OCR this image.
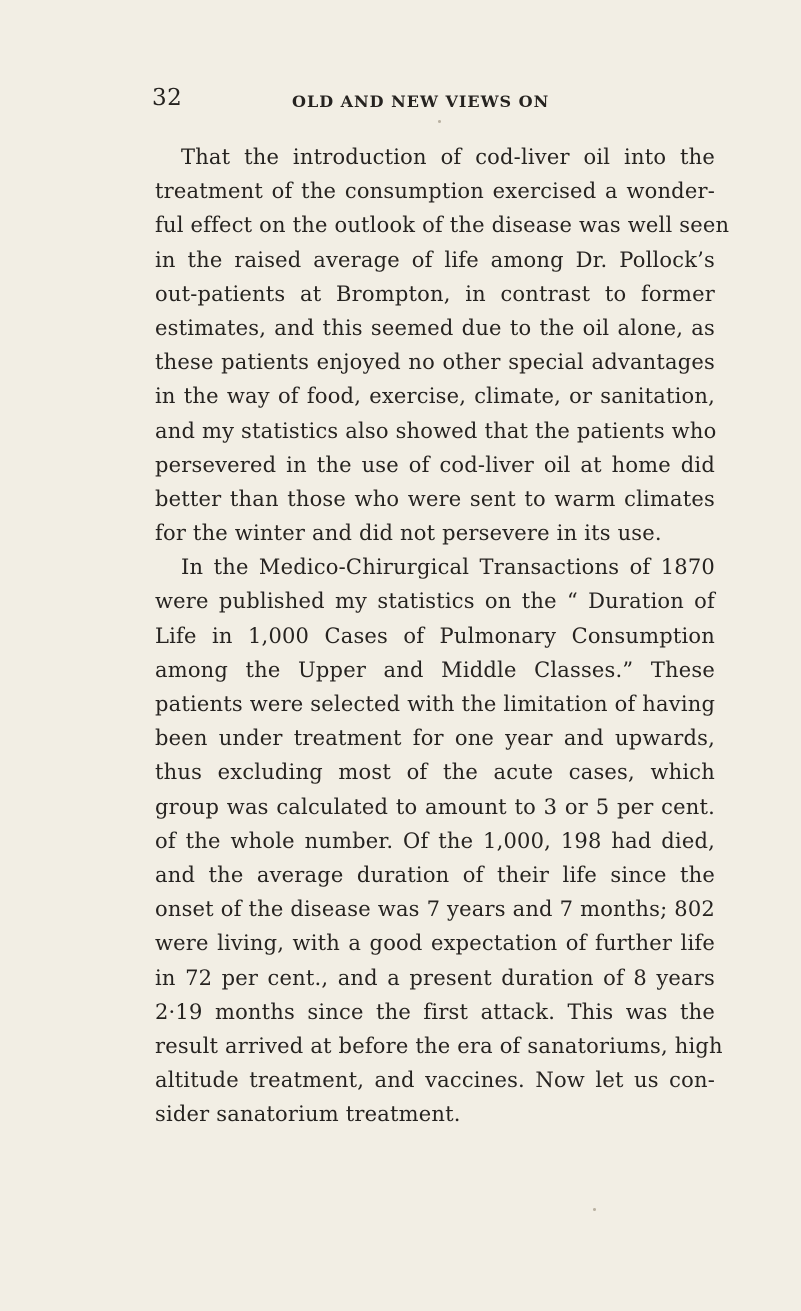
32	OLD AND NEW VIEWS ON
That the introduction of cod-liver oil into the
treatment of the consumption exercised a wonder-
ful effect on the outlook of the disease was well seen
in the raised average of life among Dr. Pollock’s
out-patients at Brompton, in contrast to former
estimates, and this seemed due to the oil alone, as
these patients enjoyed no other special advantages
in the way of food, exercise, climate, or sanitation,
and my statistics also showed that the patients who
persevered in the use of cod-liver oil at home did
better than those who were sent to warm climates
for the winter and did not persevere in its use.
In the Medico-Chirurgical Transactions of 1870
were published my statistics on the “ Duration of
Life in 1,000 Cases of Pulmonary Consumption
among the Upper and Middle Classes.” These
patients were selected with the limitation of having
been under treatment for one year and upwards,
thus excluding most of the acute cases, which
group was calculated to amount to 3 or 5 per cent.
of the whole number. Of the 1,000, 198 had died,
and the average duration of their life since the
onset of the disease was 7 years and 7 months; 802
were living, with a good expectation of further life
in 72 per cent., and a present duration of 8 years
2·19 months since the first attack. This was the
result arrived at before the era of sanatoriums, high
altitude treatment, and vaccines. Now let us con-
sider sanatorium treatment.
